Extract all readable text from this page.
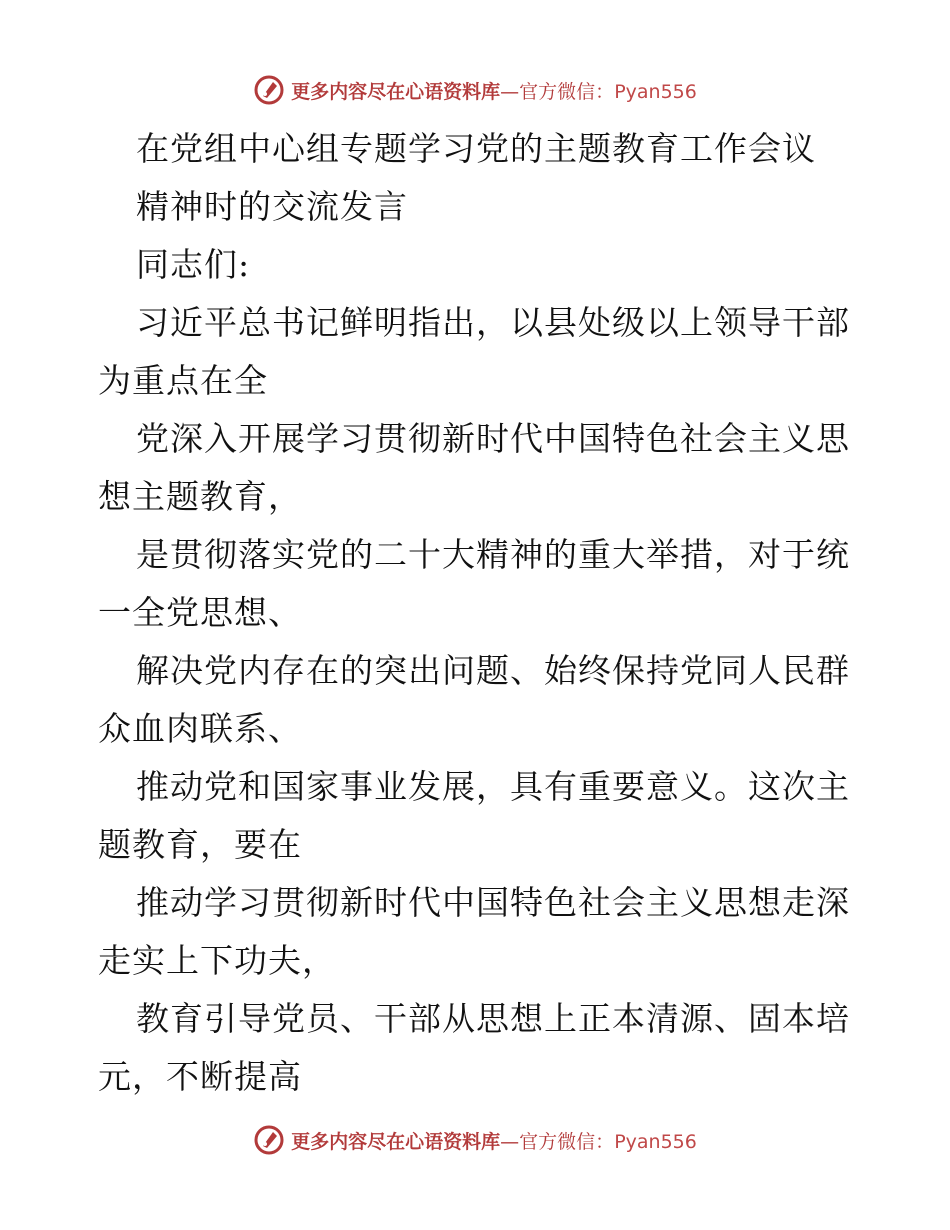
更多内容尽在心语资料库—官方微信：Pyan556
在党组中心组专题学习党的主题教育工作会议
精神时的交流发言
同志们:
习近平总书记鲜明指出，以县处级以上领导干部
为重点在全
党深入开展学习贯彻新时代中国特色社会主义思
想主题教育，
是贯彻落实党的二十大精神的重大举措，对于统
一全党思想、
解决党内存在的突出问题、始终保持党同人民群
众血肉联系、
推动党和国家事业发展，具有重要意义。这次主
题教育，要在
推动学习贯彻新时代中国特色社会主义思想走深
走实上下功夫，
教育引导党员、干部从思想上正本清源、固本培
元，不断提高
更多内容尽在心语资料库—官方微信：Pyan556
